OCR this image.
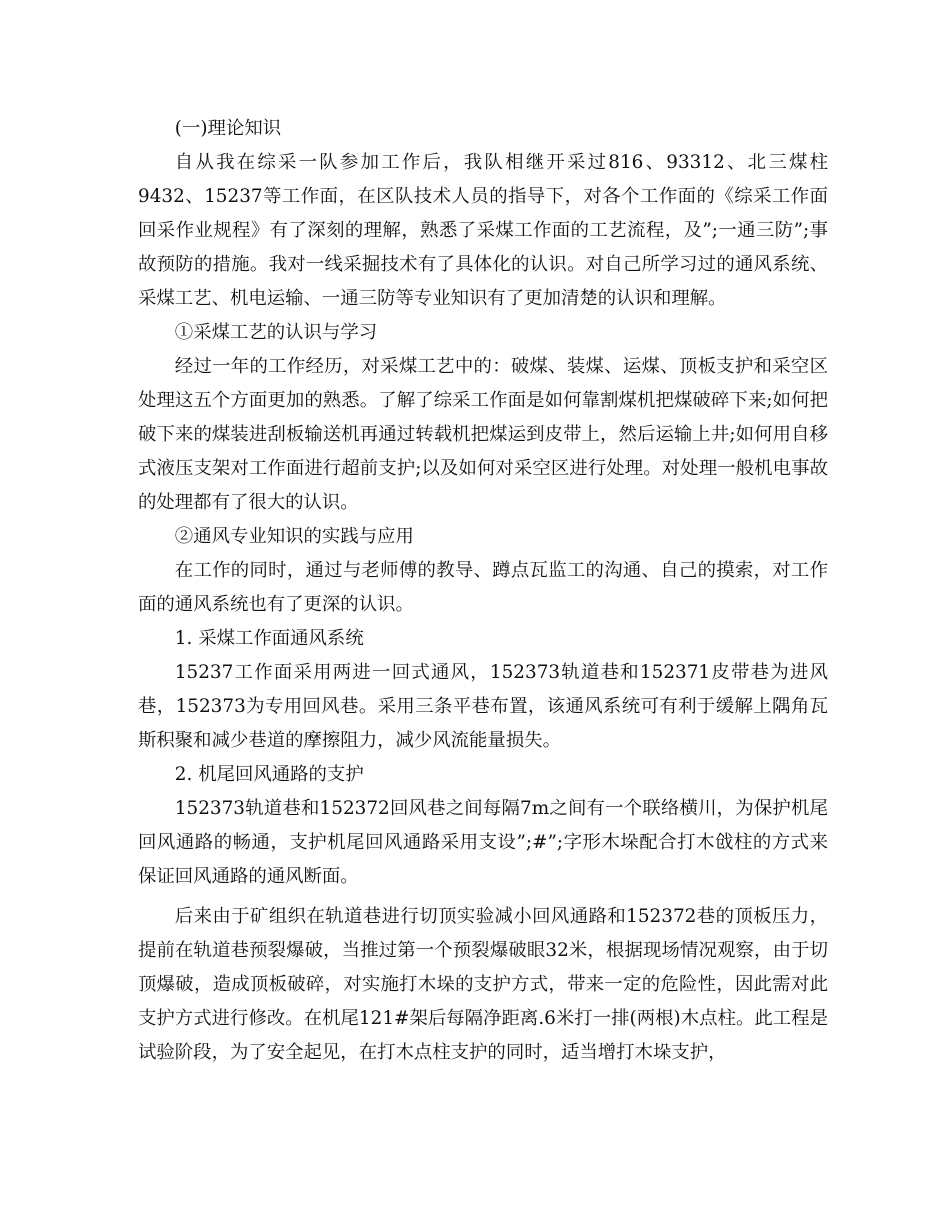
(一)理论知识

自从我在综采一队参加工作后，我队相继开采过816、93312、北三煤柱9432、15237等工作面，在区队技术人员的指导下，对各个工作面的《综采工作面回采作业规程》有了深刻的理解，熟悉了采煤工作面的工艺流程，及”;一通三防”;事故预防的措施。我对一线采掘技术有了具体化的认识。对自己所学习过的通风系统、采煤工艺、机电运输、一通三防等专业知识有了更加清楚的认识和理解。

①采煤工艺的认识与学习

经过一年的工作经历，对采煤工艺中的：破煤、装煤、运煤、顶板支护和采空区处理这五个方面更加的熟悉。了解了综采工作面是如何靠割煤机把煤破碎下来;如何把破下来的煤装进刮板输送机再通过转载机把煤运到皮带上，然后运输上井;如何用自移式液压支架对工作面进行超前支护;以及如何对采空区进行处理。对处理一般机电事故的处理都有了很大的认识。

②通风专业知识的实践与应用

在工作的同时，通过与老师傅的教导、蹲点瓦监工的沟通、自己的摸索，对工作面的通风系统也有了更深的认识。

1. 采煤工作面通风系统

15237工作面采用两进一回式通风，152373轨道巷和152371皮带巷为进风巷，152373为专用回风巷。采用三条平巷布置，该通风系统可有利于缓解上隅角瓦斯积聚和减少巷道的摩擦阻力，减少风流能量损失。

2. 机尾回风通路的支护

152373轨道巷和152372回风巷之间每隔7m之间有一个联络横川，为保护机尾回风通路的畅通，支护机尾回风通路采用支设”;#”;字形木垛配合打木戗柱的方式来保证回风通路的通风断面。

后来由于矿组织在轨道巷进行切顶实验减小回风通路和152372巷的顶板压力，提前在轨道巷预裂爆破，当推过第一个预裂爆破眼32米，根据现场情况观察，由于切顶爆破，造成顶板破碎，对实施打木垛的支护方式，带来一定的危险性，因此需对此支护方式进行修改。在机尾121#架后每隔净距离.6米打一排(两根)木点柱。此工程是试验阶段，为了安全起见，在打木点柱支护的同时，适当增打木垛支护，
